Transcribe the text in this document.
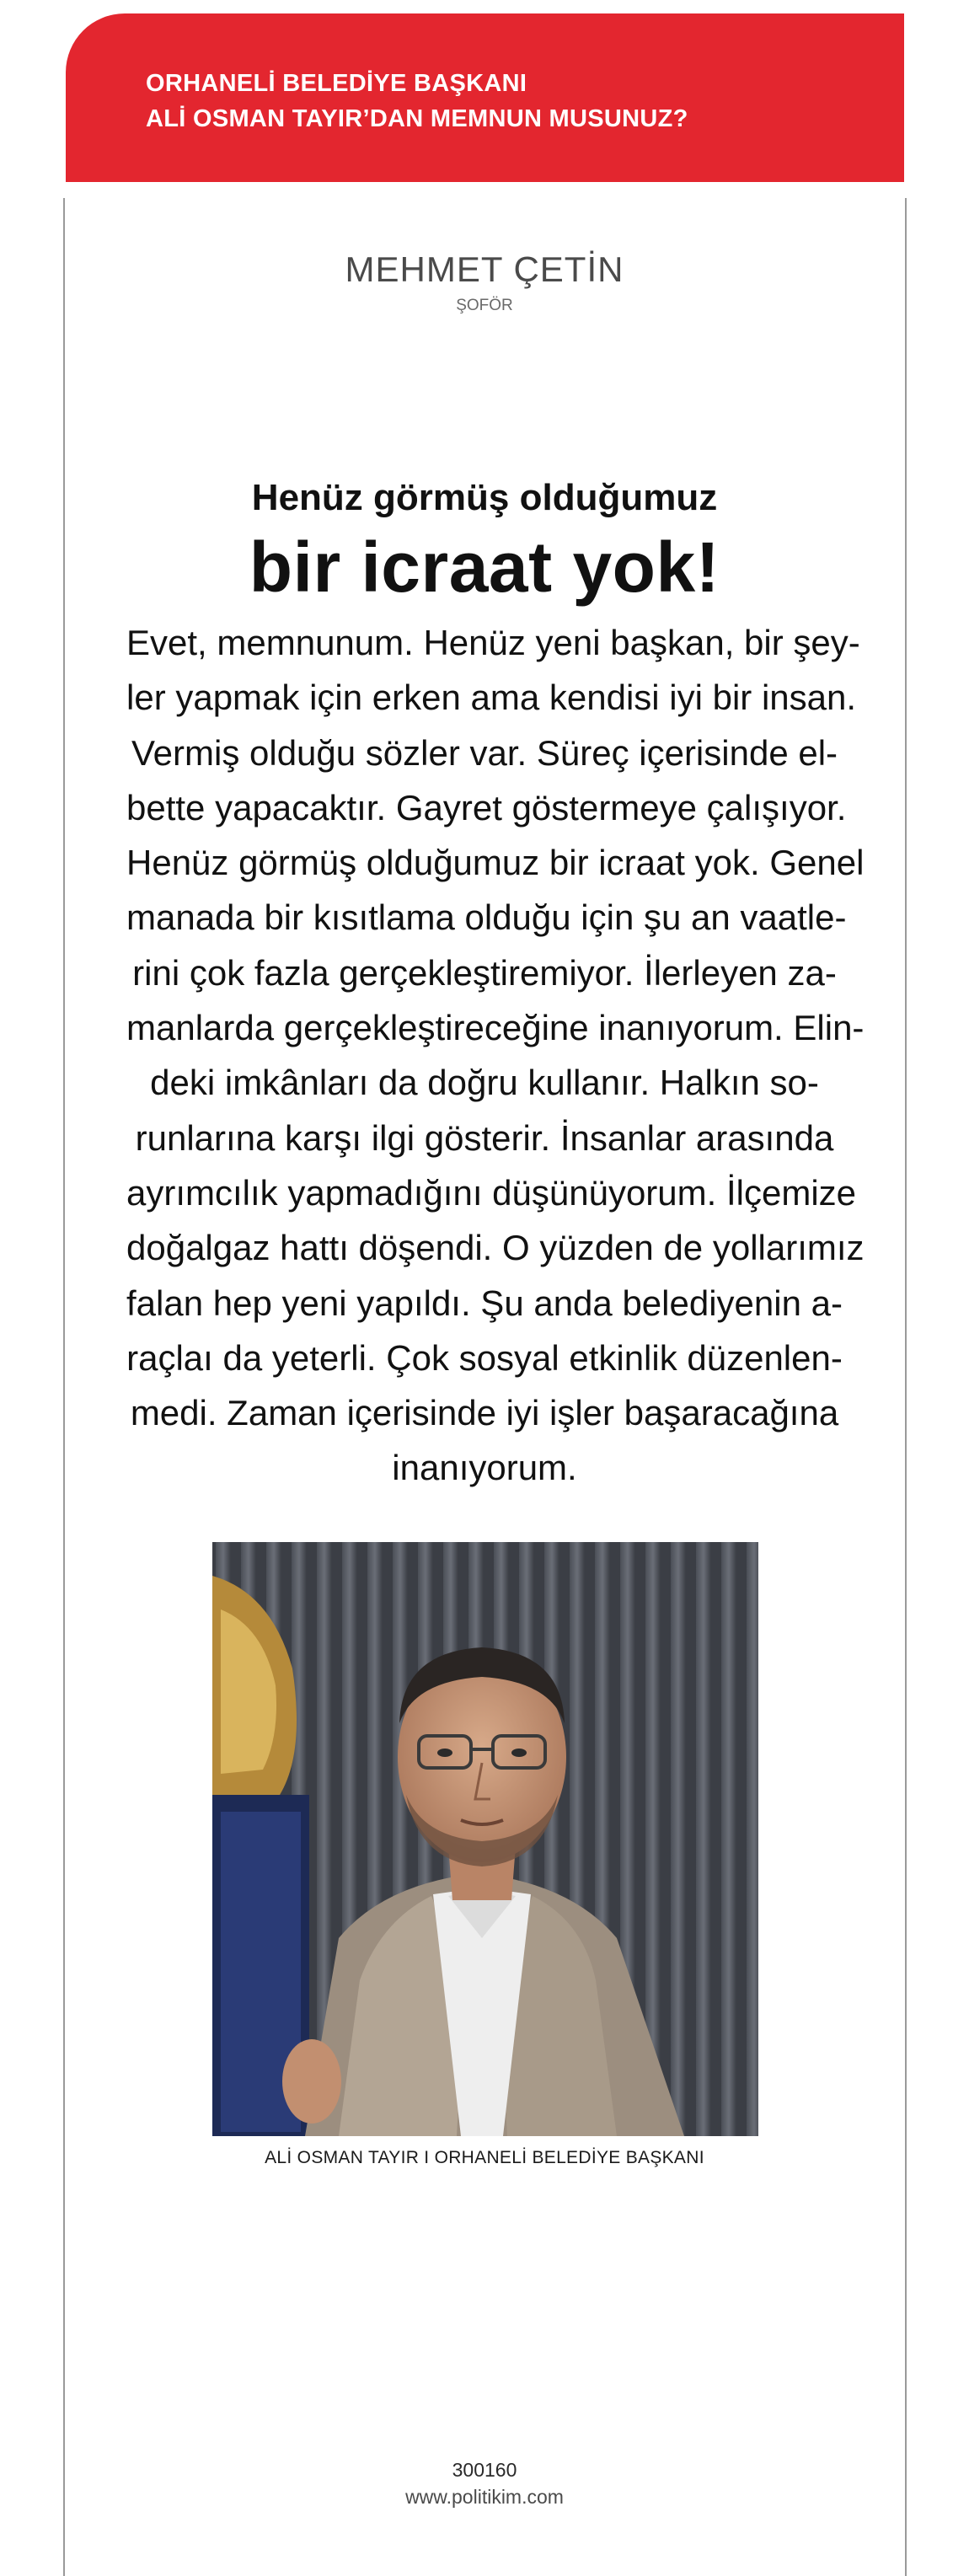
ORHANELİ BELEDİYE BAŞKANI
ALİ OSMAN TAYIR’DAN MEMNUN MUSUNUZ?
MEHMET ÇETİN
ŞOFÖR
Henüz görmüş olduğumuz
bir icraat yok!
Evet, memnunum. Henüz yeni başkan, bir şey-
ler yapmak için erken ama kendisi iyi bir insan.
Vermiş olduğu sözler var. Süreç içerisinde el-
bette yapacaktır. Gayret göstermeye çalışıyor.
Henüz görmüş olduğumuz bir icraat yok. Genel
manada bir kısıtlama olduğu için şu an vaatle-
rini çok fazla gerçekleştiremiyor. İlerleyen za-
manlarda gerçekleştireceğine inanıyorum. Elin-
deki imkânları da doğru kullanır. Halkın so-
runlarına karşı ilgi gösterir. İnsanlar arasında
ayrımcılık yapmadığını düşünüyorum. İlçemize
doğalgaz hattı döşendi. O yüzden de yollarımız
falan hep yeni yapıldı. Şu anda belediyenin a-
raçlaı da yeterli. Çok sosyal etkinlik düzenlen-
medi. Zaman içerisinde iyi işler başaracağına
inanıyorum.
ALİ OSMAN TAYIR I ORHANELİ BELEDİYE BAŞKANI
300160
www.politikim.com
